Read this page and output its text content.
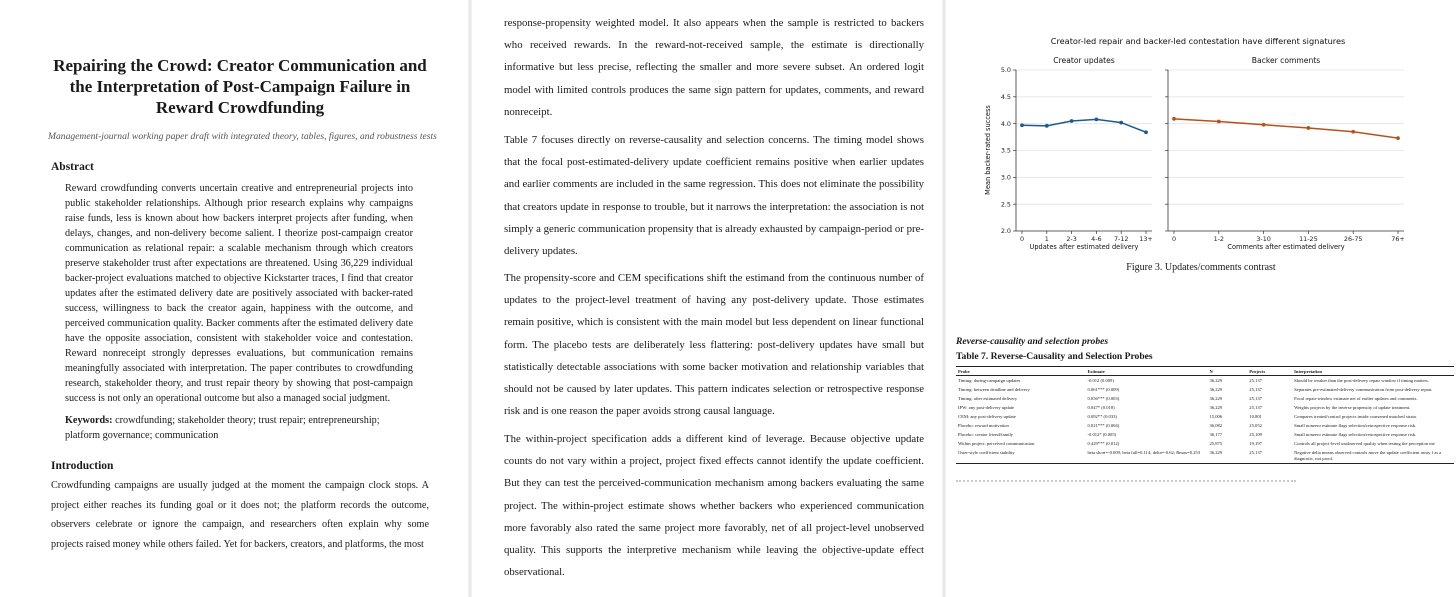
Repairing the Crowd: Creator Communication and the Interpretation of Post-Campaign Failure in Reward Crowdfunding
Management-journal working paper draft with integrated theory, tables, figures, and robustness tests
Abstract

Reward crowdfunding converts uncertain creative and entrepreneurial projects into public stakeholder relationships. Although prior research explains why campaigns raise funds, less is known about how backers interpret projects after funding, when delays, changes, and non-delivery become salient. I theorize post-campaign creator communication as relational repair: a scalable mechanism through which creators preserve stakeholder trust after expectations are threatened. Using 36,229 individual backer-project evaluations matched to objective Kickstarter traces, I find that creator updates after the estimated delivery date are positively associated with backer-rated success, willingness to back the creator again, happiness with the outcome, and perceived communication quality. Backer comments after the estimated delivery date have the opposite association, consistent with stakeholder voice and contestation. Reward nonreceipt strongly depresses evaluations, but communication remains meaningfully associated with interpretation. The paper contributes to crowdfunding research, stakeholder theory, and trust repair theory by showing that post-campaign success is not only an operational outcome but also a managed social judgment.

Keywords: crowdfunding; stakeholder theory; trust repair; entrepreneurship; platform governance; communication

Introduction

Crowdfunding campaigns are usually judged at the moment the campaign clock stops. A project either reaches its funding goal or it does not; the platform records the outcome, observers celebrate or ignore the campaign, and researchers often explain why some projects raised money while others failed. Yet for backers, creators, and platforms, the most

response-propensity weighted model. It also appears when the sample is restricted to backers who received rewards. In the reward-not-received sample, the estimate is directionally informative but less precise, reflecting the smaller and more severe subset. An ordered logit model with limited controls produces the same sign pattern for updates, comments, and reward nonreceipt.

Table 7 focuses directly on reverse-causality and selection concerns. The timing model shows that the focal post-estimated-delivery update coefficient remains positive when earlier updates and earlier comments are included in the same regression. This does not eliminate the possibility that creators update in response to trouble, but it narrows the interpretation: the association is not simply a generic communication propensity that is already exhausted by campaign-period or pre-delivery updates.

The propensity-score and CEM specifications shift the estimand from the continuous number of updates to the project-level treatment of having any post-delivery update. Those estimates remain positive, which is consistent with the main model but less dependent on linear functional form. The placebo tests are deliberately less flattering: post-delivery updates have small but statistically detectable associations with some backer motivation and relationship variables that should not be caused by later updates. This pattern indicates selection or retrospective response risk and is one reason the paper avoids strong causal language.

The within-project specification adds a different kind of leverage. Because objective update counts do not vary within a project, project fixed effects cannot identify the update coefficient. But they can test the perceived-communication mechanism among backers evaluating the same project. The within-project estimate shows whether backers who experienced communication more favorably also rated the same project more favorably, net of all project-level unobserved quality. This supports the interpretive mechanism while leaving the objective-update effect observational.

Creator-led repair and backer-led contestation have different signatures
Mean backer-rated success
2.0
2.5
3.0
3.5
4.0
4.5
5.0
Creator updates
0	1	2-3 4-6 7-12 13+
Updates after estimated delivery
Backer comments
0	1-2	3-10	11-25	26-75	76+
Comments after estimated delivery
Figure 3. Updates/comments contrast
Reverse-causality and selection probes
Table 7. Reverse-Causality and Selection Probes
Probe	Estimate	N	Projects	Interpretation
Timing: during-campaign updates	-0.012 (0.009)	36,229	25,137	Should be weaker than the post-delivery repair window if timing matters.
Timing: between deadline and delivery	0.061*** (0.009)	36,229	25,137	Separates pre-estimated-delivery communication from post-delivery repair.
Timing: after estimated delivery	0.056*** (0.003)	36,229	25,137	Focal repair-window estimate net of earlier updates and comments.
IPW: any post-delivery update	0.047* (0.018)	36,229	25,137	Weights projects by the inverse propensity of update treatment.
CEM: any post-delivery update	0.092** (0.033)	15,006	10,801	Compares treated/control projects inside coarsened matched strata.
Placebo: reward motivation	0.021*** (0.004)	36,082	25,052	Small nonzero estimate flags selection/retrospective response risk.
Placebo: creator friend/family	-0.012* (0.005)	36,177	25,109	Small nonzero estimate flags selection/retrospective response risk.
Within project: perceived communication	0.429*** (0.012)	25,875	19,197	Controls all project-level unobserved quality when testing the perception me
Oster-style coefficient stability	beta short=-0.009; beta full=0.114; delta=-0.62; Rmax=0.253	36,229	25,137	Negative delta means observed controls move the update coefficient away f as a diagnostic, not proof.
